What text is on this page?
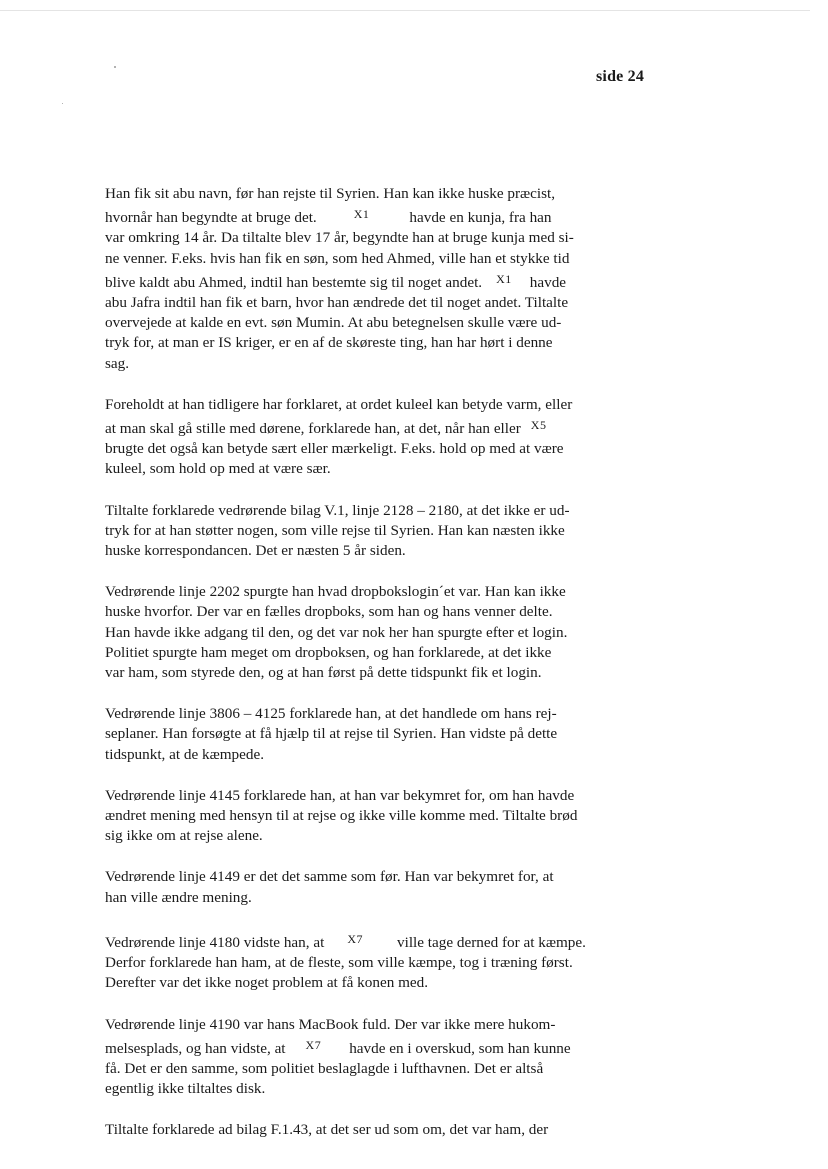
side 24
Han fik sit abu navn, før han rejste til Syrien. Han kan ikke huske præcist,
hvornår han begyndte at bruge det.	X1	havde en kunja, fra han
var omkring 14 år. Da tiltalte blev 17 år, begyndte han at bruge kunja med si-
ne venner. F.eks. hvis han fik en søn, som hed Ahmed, ville han et stykke tid
blive kaldt abu Ahmed, indtil han bestemte sig til noget andet. X1 havde
abu Jafra indtil han fik et barn, hvor han ændrede det til noget andet. Tiltalte
overvejede at kalde en evt. søn Mumin. At abu betegnelsen skulle være ud-
tryk for, at man er IS kriger, er en af de skøreste ting, han har hørt i denne
sag.
Foreholdt at han tidligere har forklaret, at ordet kuleel kan betyde varm, eller
at man skal gå stille med dørene, forklarede han, at det, når han eller X5
brugte det også kan betyde sært eller mærkeligt. F.eks. hold op med at være
kuleel, som hold op med at være sær.
Tiltalte forklarede vedrørende bilag V.1, linje 2128 – 2180, at det ikke er ud-
tryk for at han støtter nogen, som ville rejse til Syrien. Han kan næsten ikke
huske korrespondancen. Det er næsten 5 år siden.
Vedrørende linje 2202 spurgte han hvad dropbokslogin´et var. Han kan ikke
huske hvorfor. Der var en fælles dropboks, som han og hans venner delte.
Han havde ikke adgang til den, og det var nok her han spurgte efter et login.
Politiet spurgte ham meget om dropboksen, og han forklarede, at det ikke
var ham, som styrede den, og at han først på dette tidspunkt fik et login.
Vedrørende linje 3806 – 4125 forklarede han, at det handlede om hans rej-
seplaner. Han forsøgte at få hjælp til at rejse til Syrien. Han vidste på dette
tidspunkt, at de kæmpede.
Vedrørende linje 4145 forklarede han, at han var bekymret for, om han havde
ændret mening med hensyn til at rejse og ikke ville komme med. Tiltalte brød
sig ikke om at rejse alene.
Vedrørende linje 4149 er det det samme som før. Han var bekymret for, at
han ville ændre mening.
Vedrørende linje 4180 vidste han, at X7 ville tage derned for at kæmpe.
Derfor forklarede han ham, at de fleste, som ville kæmpe, tog i træning først.
Derefter var det ikke noget problem at få konen med.
Vedrørende linje 4190 var hans MacBook fuld. Der var ikke mere hukom-
melsesplads, og han vidste, at X7 havde en i overskud, som han kunne
få. Det er den samme, som politiet beslaglagde i lufthavnen. Det er altså
egentlig ikke tiltaltes disk.
Tiltalte forklarede ad bilag F.1.43, at det ser ud som om, det var ham, der
